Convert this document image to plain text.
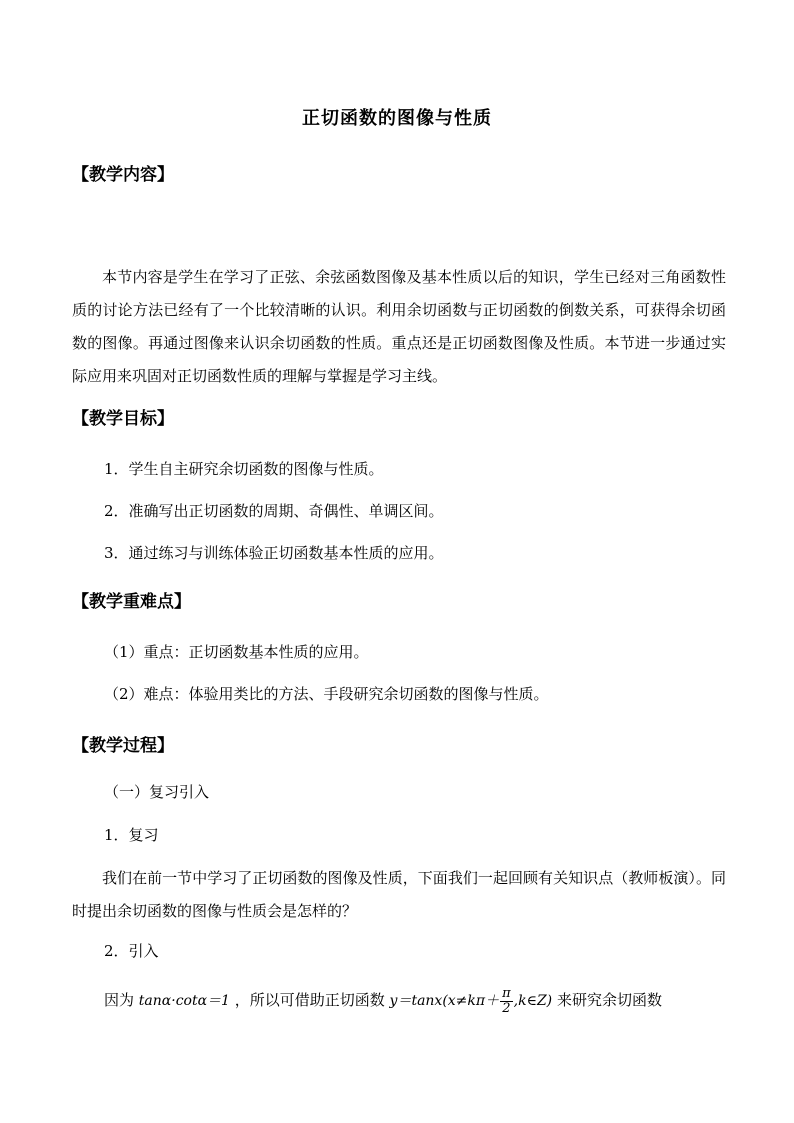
正切函数的图像与性质
【教学内容】
本节内容是学生在学习了正弦、余弦函数图像及基本性质以后的知识，学生已经对三角函数性质的讨论方法已经有了一个比较清晰的认识。利用余切函数与正切函数的倒数关系，可获得余切函数的图像。再通过图像来认识余切函数的性质。重点还是正切函数图像及性质。本节进一步通过实际应用来巩固对正切函数性质的理解与掌握是学习主线。
【教学目标】
1．学生自主研究余切函数的图像与性质。
2．准确写出正切函数的周期、奇偶性、单调区间。
3．通过练习与训练体验正切函数基本性质的应用。
【教学重难点】
（1）重点：正切函数基本性质的应用。
（2）难点：体验用类比的方法、手段研究余切函数的图像与性质。
【教学过程】
（一）复习引入
1．复习
我们在前一节中学习了正切函数的图像及性质，下面我们一起回顾有关知识点（教师板演）。同时提出余切函数的图像与性质会是怎样的？
2．引入
因为 tanα·cotα＝1 ，所以可借助正切函数 $y=\tan x(x\ne k\pi+ \frac{\pi}{2}$ ,k∈Z) 来研究余切函数
